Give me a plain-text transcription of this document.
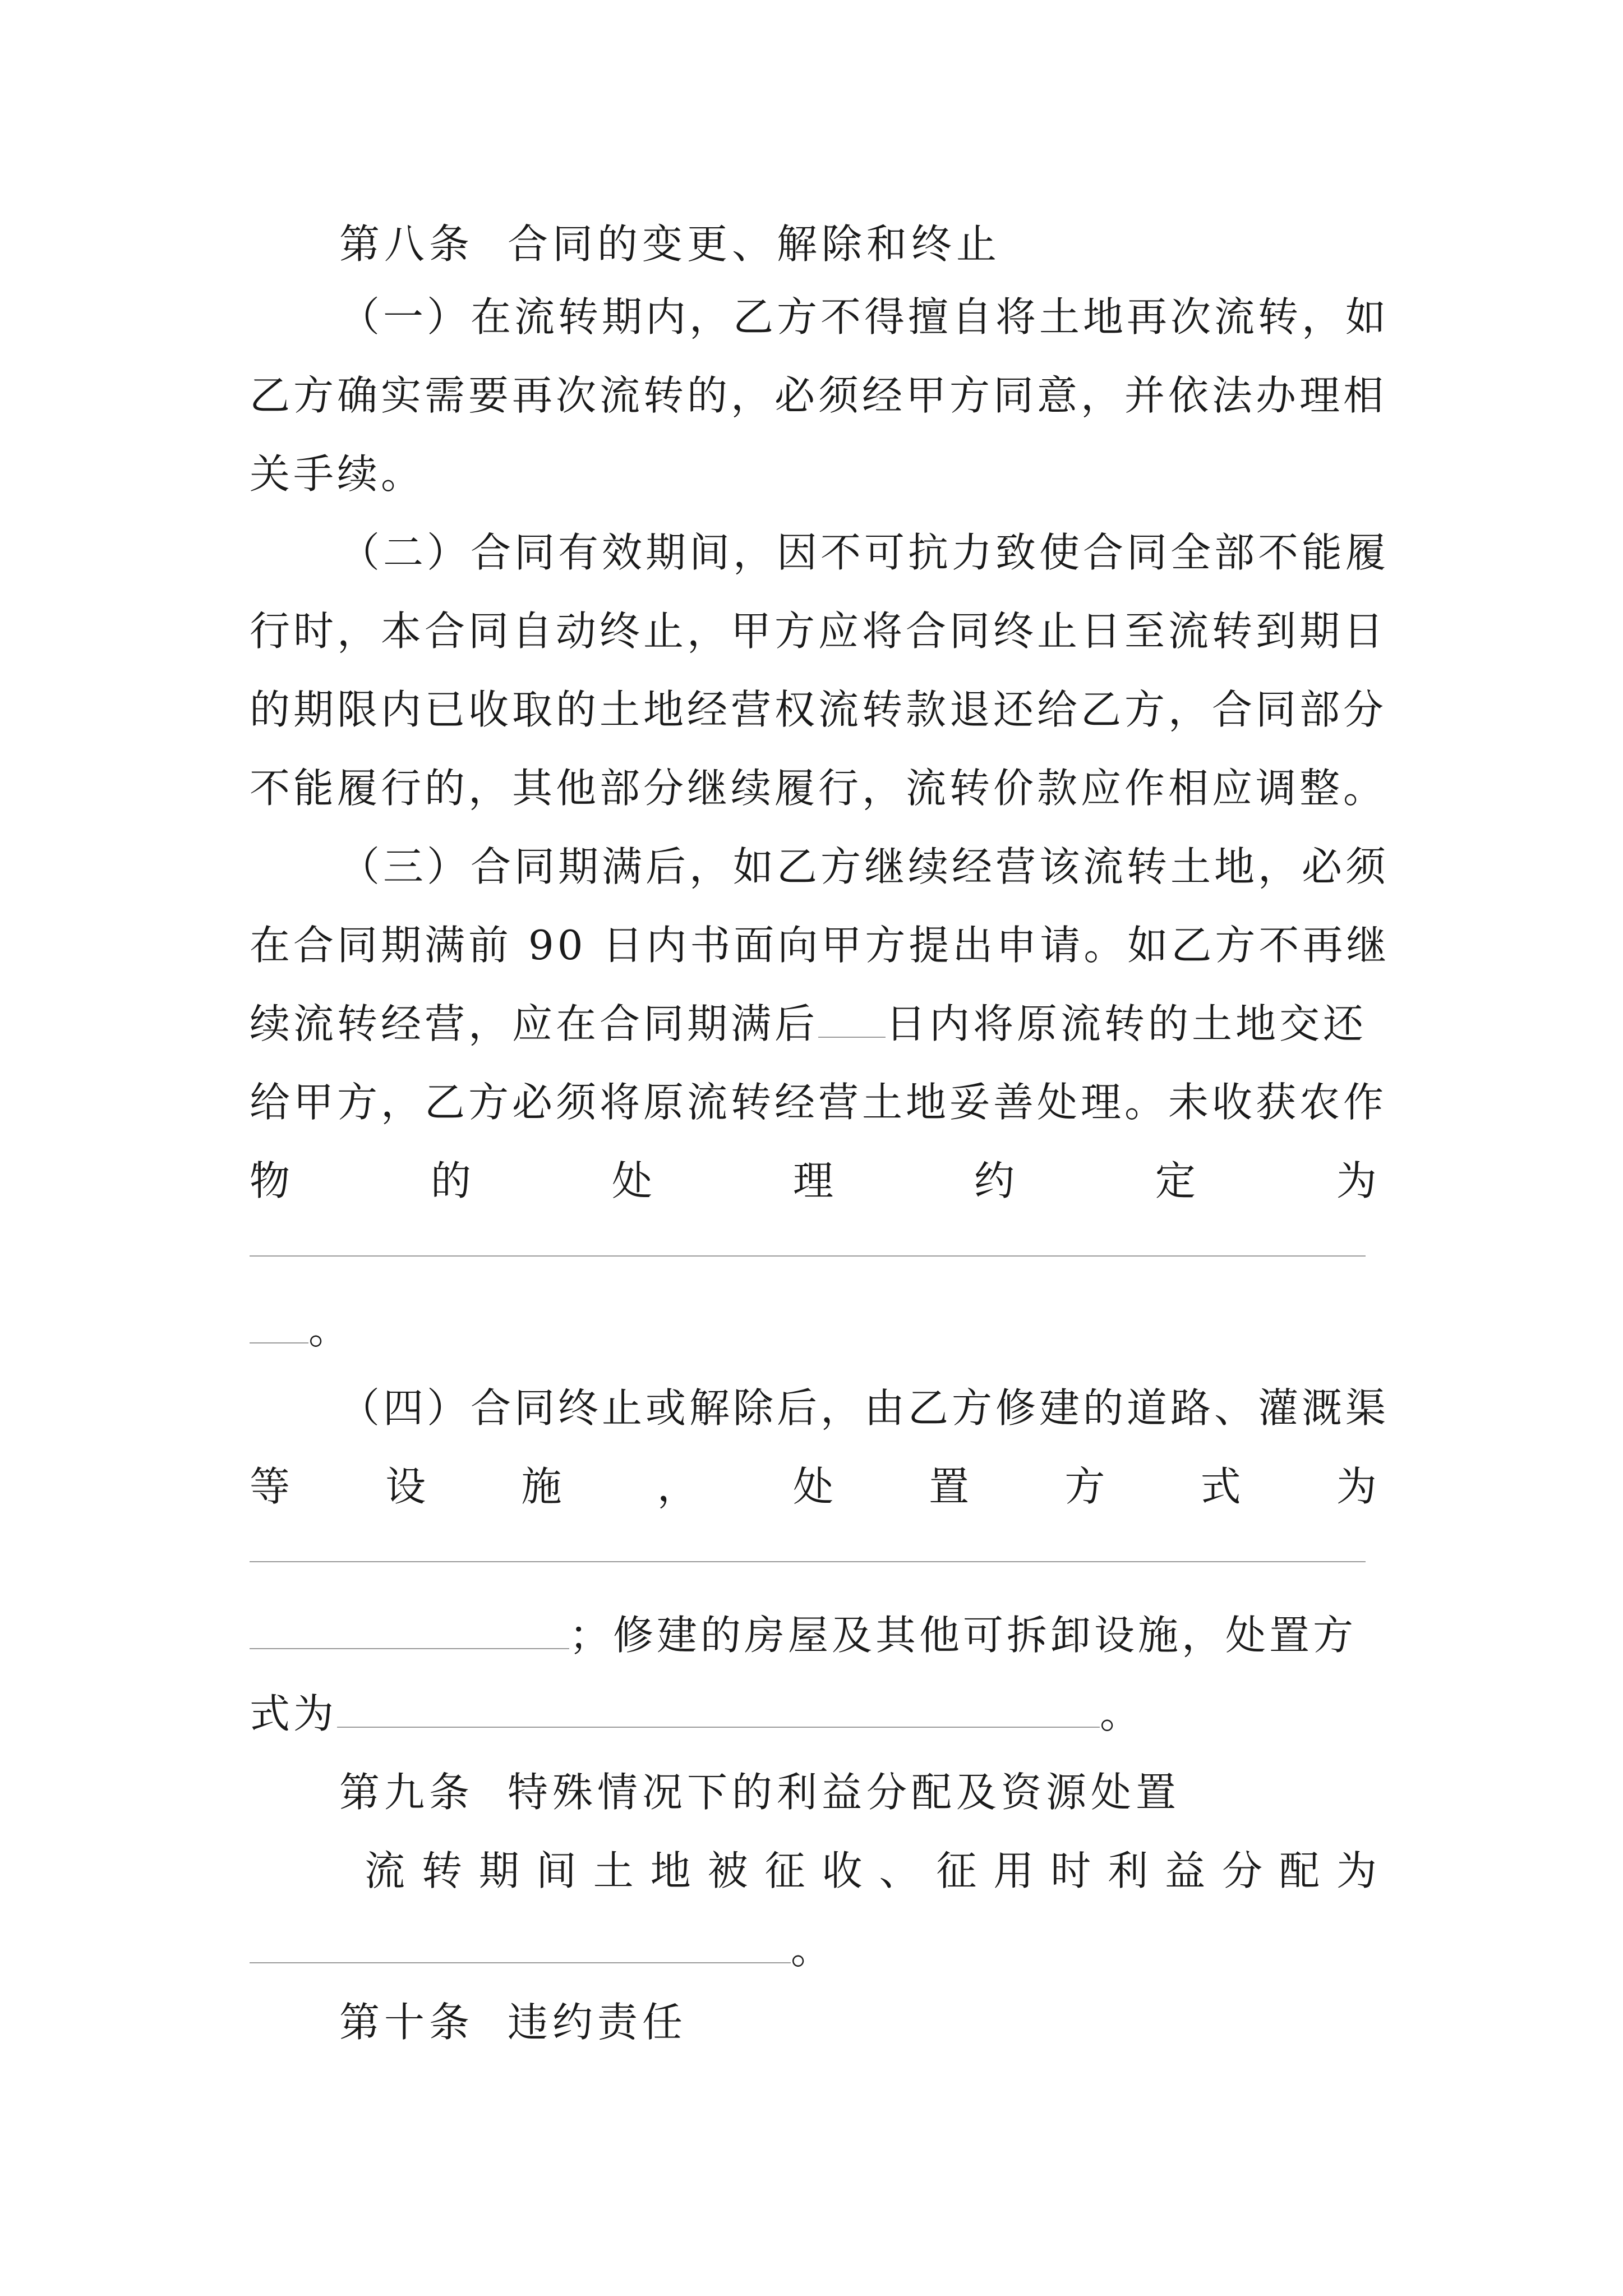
第八条 合同的变更、解除和终止
（一）在流转期内，乙方不得擅自将土地再次流转，如
乙方确实需要再次流转的，必须经甲方同意，并依法办理相
关手续。
（二）合同有效期间，因不可抗力致使合同全部不能履
行时，本合同自动终止，甲方应将合同终止日至流转到期日
的期限内已收取的土地经营权流转款退还给乙方，合同部分
不能履行的，其他部分继续履行，流转价款应作相应调整。
（三）合同期满后，如乙方继续经营该流转土地，必须
在合同期满前 90 日内书面向甲方提出申请。如乙方不再继
续流转经营，应在合同期满后 日内将原流转的土地交还
给甲方，乙方必须将原流转经营土地妥善处理。未收获农作
物	的	处	理	约	定	为
。
（四）合同终止或解除后，由乙方修建的道路、灌溉渠
等 设 施 ， 处 置 方 式 为
；修建的房屋及其他可拆卸设施，处置方
式为	。
第九条 特殊情况下的利益分配及资源处置
流 转 期 间 土 地 被 征 收 、 征 用 时 利 益 分 配 为
。
第十条 违约责任
